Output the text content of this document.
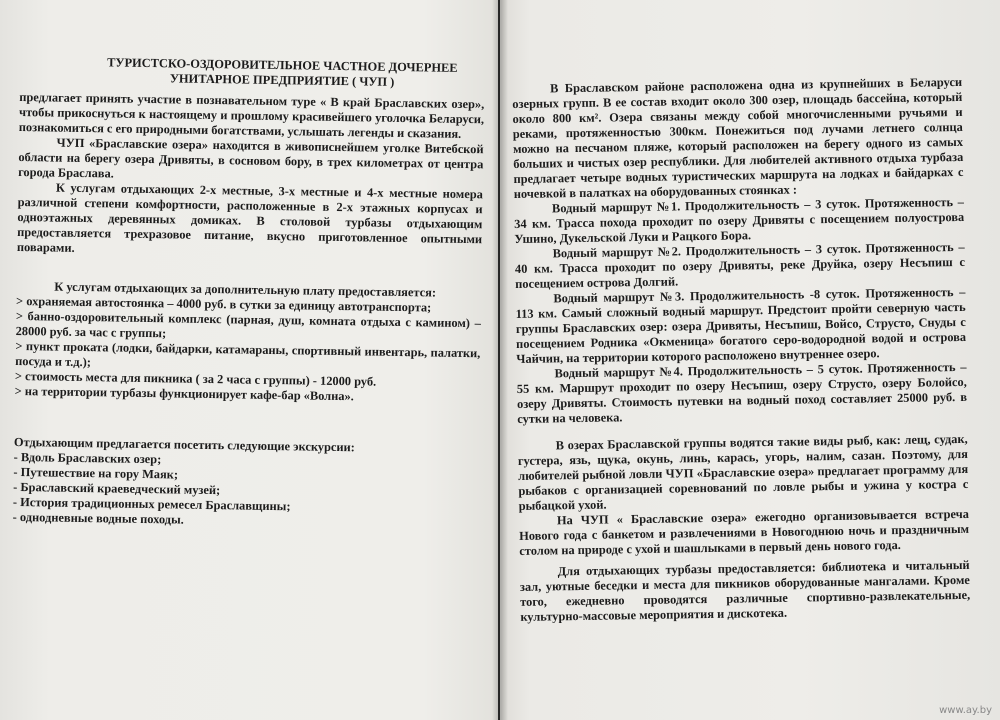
ТУРИСТСКО-ОЗДОРОВИТЕЛЬНОЕ ЧАСТНОЕ ДОЧЕРНЕЕ
УНИТАРНОЕ ПРЕДПРИЯТИЕ ( ЧУП )

предлагает принять участие в познавательном туре « В край Браславских озер», чтобы прикоснуться к настоящему и прошлому красивейшего уголочка Беларуси, познакомиться с его природными богатствами, услышать легенды и сказания.

ЧУП «Браславские озера» находится в живописнейшем уголке Витебской области на берегу озера Дривяты, в сосновом бору, в трех километрах от центра города Браслава.

К услугам отдыхающих 2-х местные, 3-х местные и 4-х местные номера различной степени комфортности, расположенные в 2-х этажных корпусах и одноэтажных деревянных домиках. В столовой турбазы отдыхающим предоставляется трехразовое питание, вкусно приготовленное опытными поварами.

К услугам отдыхающих за дополнительную плату предоставляется:

> охраняемая автостоянка – 4000 руб. в сутки за единицу автотранспорта;

> банно-оздоровительный комплекс (парная, душ, комната отдыха с камином) – 28000 руб. за час с группы;

> пункт проката (лодки, байдарки, катамараны, спортивный инвентарь, палатки, посуда и т.д.);

> стоимость места для пикника ( за 2 часа с группы) - 12000 руб.

> на территории турбазы функционирует кафе-бар «Волна».

Отдыхающим предлагается посетить следующие экскурсии:

- Вдоль Браславских озер;

- Путешествие на гору Маяк;

- Браславский краеведческий музей;

- История традиционных ремесел Браславщины;

- однодневные водные походы.

В Браславском районе расположена одна из крупнейших в Беларуси озерных групп. В ее состав входит около 300 озер, площадь бассейна, который около 800 км². Озера связаны между собой многочисленными ручьями и реками, протяженностью 300км. Понежиться под лучами летнего солнца можно на песчаном пляже, который расположен на берегу одного из самых больших и чистых озер республики. Для любителей активного отдыха турбаза предлагает четыре водных туристических маршрута на лодках и байдарках с ночевкой в палатках на оборудованных стоянках :

Водный маршрут №1. Продолжительность – 3 суток. Протяженность – 34 км. Трасса похода проходит по озеру Дривяты с посещением полуострова Ушино, Дукельской Луки и Рацкого Бора.

Водный маршрут №2. Продолжительность – 3 суток. Протяженность – 40 км. Трасса проходит по озеру Дривяты, реке Друйка, озеру Несъпиш с посещением острова Долгий.

Водный маршрут №3. Продолжительность -8 суток. Протяженность – 113 км. Самый сложный водный маршрут. Предстоит пройти северную часть группы Браславских озер: озера Дривяты, Несъпиш, Войсо, Струсто, Снуды с посещением Родника «Окменица» богатого серо-водородной водой и острова Чайчин, на территории которого расположено внутреннее озеро.

Водный маршрут №4. Продолжительность – 5 суток. Протяженность – 55 км. Маршрут проходит по озеру Несъпиш, озеру Струсто, озеру Болойсо, озеру Дривяты. Стоимость путевки на водный поход составляет 25000 руб. в сутки на человека.

В озерах Браславской группы водятся такие виды рыб, как: лещ, судак, густера, язь, щука, окунь, линь, карась, угорь, налим, сазан. Поэтому, для любителей рыбной ловли ЧУП «Браславские озера» предлагает программу для рыбаков с организацией соревнований по ловле рыбы и ужина у костра с рыбацкой ухой.

На ЧУП « Браславские озера» ежегодно организовывается встреча Нового года с банкетом и развлечениями в Новогоднюю ночь и праздничным столом на природе с ухой и шашлыками в первый день нового года.

Для отдыхающих турбазы предоставляется: библиотека и читальный зал, уютные беседки и места для пикников оборудованные мангалами. Кроме того, ежедневно проводятся различные спортивно-развлекательные, культурно-массовые мероприятия и дискотека.

www.ay.by
